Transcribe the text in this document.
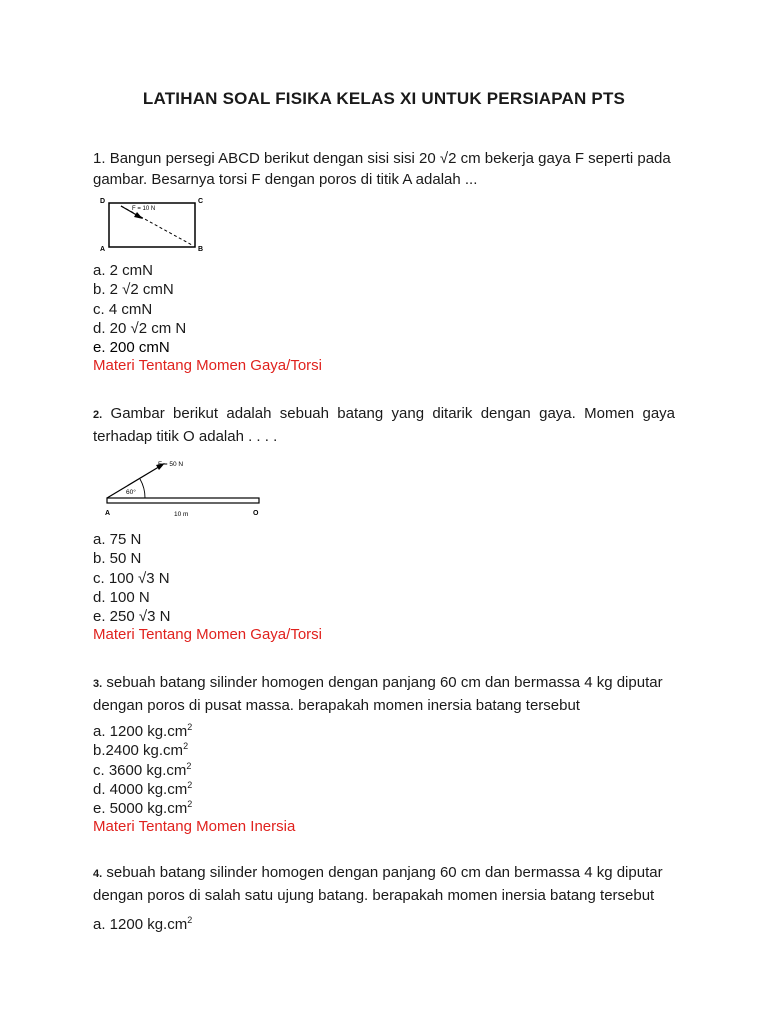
LATIHAN SOAL FISIKA KELAS XI UNTUK PERSIAPAN PTS

1. Bangun persegi ABCD berikut dengan sisi sisi 20 √2 cm bekerja gaya F seperti pada gambar. Besarnya torsi F dengan poros di titik A adalah ...

D	C
A	B
F = 10 N
a. 2 cmN
b. 2 √2 cmN
c. 4 cmN
d. 20 √2 cm N
e. 200 cmN
Materi Tentang Momen Gaya/Torsi

2. Gambar berikut adalah sebuah batang yang ditarik dengan gaya. Momen gaya terhadap titik O adalah . . . .

F = 50 N
60°
A	10 m	O
a. 75 N
b. 50 N
c. 100 √3 N
d. 100 N
e. 250 √3 N
Materi Tentang Momen Gaya/Torsi

3. sebuah batang silinder homogen dengan panjang 60 cm dan bermassa 4 kg diputar dengan poros di pusat massa. berapakah momen inersia batang tersebut

a. 1200 $kg.cm^2$
b.2400 $kg.cm^2$
c. 3600 $kg.cm^2$
d. 4000 $kg.cm^2$
e. 5000 $kg.cm^2$
Materi Tentang Momen Inersia

4. sebuah batang silinder homogen dengan panjang 60 cm dan bermassa 4 kg diputar dengan poros di salah satu ujung batang. berapakah momen inersia batang tersebut

a. 1200 $kg.cm^2$
